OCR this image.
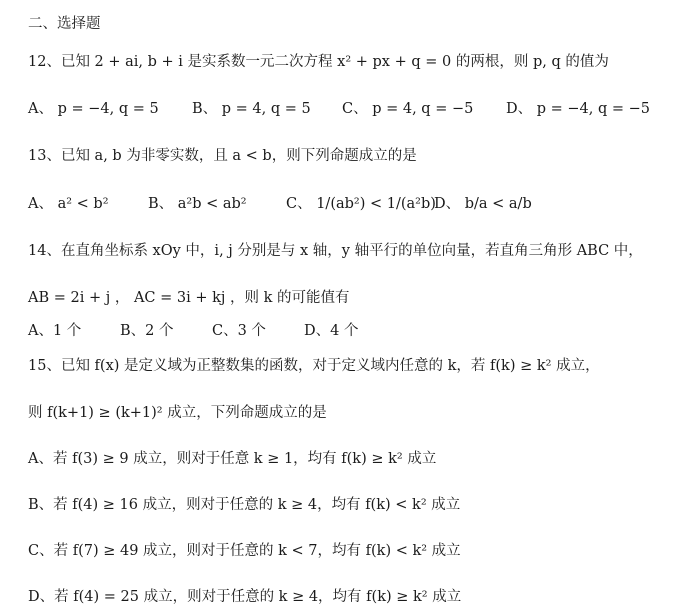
二、选择题
12、已知 2 + ai, b + i 是实系数一元二次方程 x² + px + q = 0 的两根，则 p, q 的值为
A、 p = −4, q = 5 B、 p = 4, q = 5 C、 p = 4, q = −5 D、 p = −4, q = −5
13、已知 a, b 为非零实数，且 a < b，则下列命题成立的是
A、 a² < b²	B、 a²b < ab²	C、 1/(ab²) < 1/(a²b)
D、 b/a < a/b
14、在直角坐标系 xOy 中，i, j 分别是与 x 轴，y 轴平行的单位向量，若直角三角形 ABC 中，
AB = 2i + j ， AC = 3i + kj ，则 k 的可能值有
A、1 个	B、2 个	C、3 个	D、4 个
15、已知 f(x) 是定义域为正整数集的函数，对于定义域内任意的 k，若 f(k) ≥ k² 成立，
则 f(k+1) ≥ (k+1)² 成立，下列命题成立的是
A、若 f(3) ≥ 9 成立，则对于任意 k ≥ 1，均有 f(k) ≥ k² 成立
B、若 f(4) ≥ 16 成立，则对于任意的 k ≥ 4，均有 f(k) < k² 成立
C、若 f(7) ≥ 49 成立，则对于任意的 k < 7，均有 f(k) < k² 成立
D、若 f(4) = 25 成立，则对于任意的 k ≥ 4，均有 f(k) ≥ k² 成立
